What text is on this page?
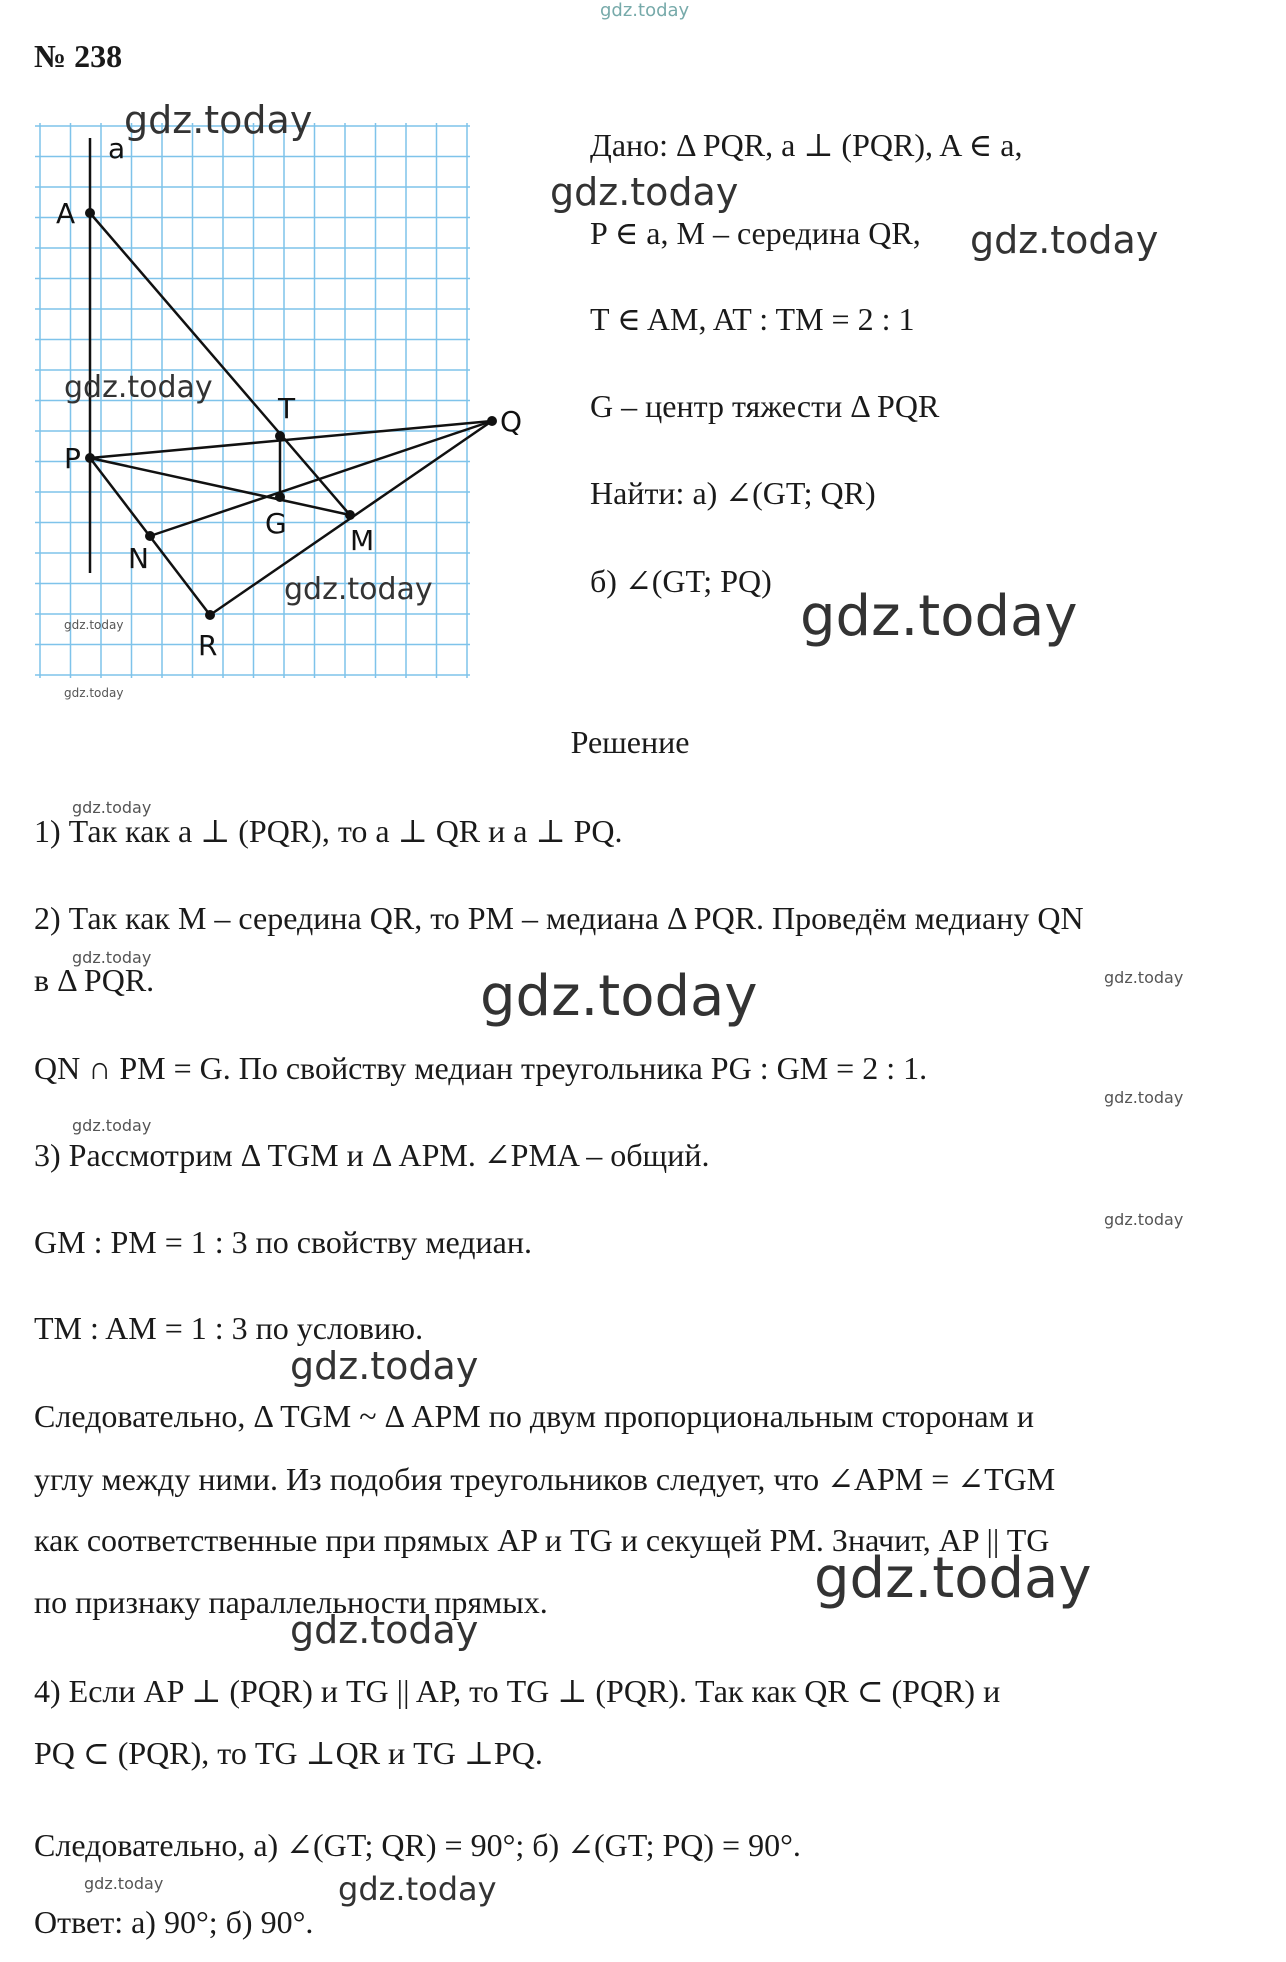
gdz.today
№ 238
a
A
P
T	Q
G
M
N
R
Дано: Δ PQR, a ⊥ (PQR), A ∈ a,
P ∈ a, M – середина QR,
T ∈ AM, AT : TM = 2 : 1
G – центр тяжести Δ PQR
Найти: а) ∠(GT; QR)
б) ∠(GT; PQ)
Решение
1) Так как a ⊥ (PQR), то a ⊥ QR и a ⊥ PQ.
2) Так как M – середина QR, то PM – медиана Δ PQR. Проведём медиану QN
в Δ PQR.
QN ∩ PM = G. По свойству медиан треугольника PG : GM = 2 : 1.
3) Рассмотрим Δ TGM и Δ APM. ∠PMA – общий.
GM : PM = 1 : 3 по свойству медиан.
TM : AM = 1 : 3 по условию.
Следовательно, Δ TGM ~ Δ APM по двум пропорциональным сторонам и
углу между ними. Из подобия треугольников следует, что ∠APM = ∠TGM
как соответственные при прямых AP и TG и секущей PM. Значит, AP || TG
по признаку параллельности прямых.
4) Если AP ⊥ (PQR) и TG || AP, то TG ⊥ (PQR). Так как QR ⊂ (PQR) и
PQ ⊂ (PQR), то TG ⊥QR и TG ⊥PQ.
Следовательно, а) ∠(GT; QR) = 90°; б) ∠(GT; PQ) = 90°.
Ответ: а) 90°; б) 90°.
gdz.today
gdz.today
gdz.today
gdz.today
gdz.today	gdz.today
gdz.today
gdz.today
gdz.today
gdz.today
gdz.today
gdz.today
gdz.today
gdz.today
gdz.today
gdz.today
gdz.today
gdz.today
gdz.today	gdz.today
